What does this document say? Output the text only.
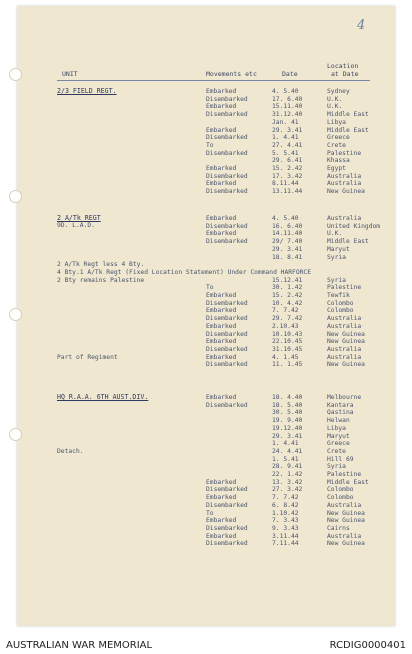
4
Location
UNIT	Movements etc	Date	at Date
2/3 FIELD REGT.	Embarked	4. 5.40	Sydney
Disembarked	17. 6.40	U.K.
Embarked	15.11.40	U.K.
Disembarked	31.12.40	Middle East
Jan. 41	Libya
Embarked	29. 3.41	Middle East
Disembarked	1. 4.41	Greece
To	27. 4.41	Crete
Disembarked	5. 5.41	Palestine
29. 6.41	Khassa
Embarked	15. 2.42	Egypt
Disembarked	17. 3.42	Australia
Embarked	8.11.44	Australia
Disembarked	13.11.44	New Guinea
2 A/Tk REGT
9D. L.A.D.
Embarked	4. 5.40	Australia
Disembarked	16. 6.40	United Kingdom
Embarked	14.11.40	U.K.
Disembarked	29/ 7.40	Middle East
29. 3.41	Maryut
18. 8.41	Syria
2 A/Tk Regt less 4 Bty.
4 Bty.1 A/Tk Regt (Fixed Location Statement) Under Command HARFORCE
2 Bty remains Palestine	15.12.41	Syria
To	30. 1.42	Palestine
Embarked	15. 2.42	Tewfik
Disembarked	10. 4.42	Colombo
Embarked	7. 7.42	Colombo
Disembarked	29. 7.42	Australia
Embarked	2.10.43	Australia
Disembarked	10.10.43	New Guinea
Embarked	22.10.45	New Guinea
Disembarked	31.10.45	Australia
Part of Regiment	Embarked	4. 1.45	Australia
Disembarked	11. 1.45	New Guinea
HQ R.A.A. 6TH AUST.DIV.	Embarked	18. 4.40	Melbourne
Disembarked	18. 5.40	Kantara
30. 5.40	Qastina
19. 9.40	Helwan
19.12.40	Libya
29. 3.41	Maryut
1. 4.41	Greece
Detach.	24. 4.41	Crete
1. 5.41	Hill 69
28. 9.41	Syria
22. 1.42	Palestine
Embarked	13. 3.42	Middle East
Disembarked	27. 3.42	Colombo
Embarked	7. 7.42	Colombo
Disembarked	6. 8.42	Australia
To	1.10.42	New Guinea
Embarked	7. 3.43	New Guinea
Disembarked	9. 3.43	Cairns
Embarked	3.11.44	Australia
Disembarked	7.11.44	New Guinea
AUSTRALIAN WAR MEMORIAL	RCDIG0000401
